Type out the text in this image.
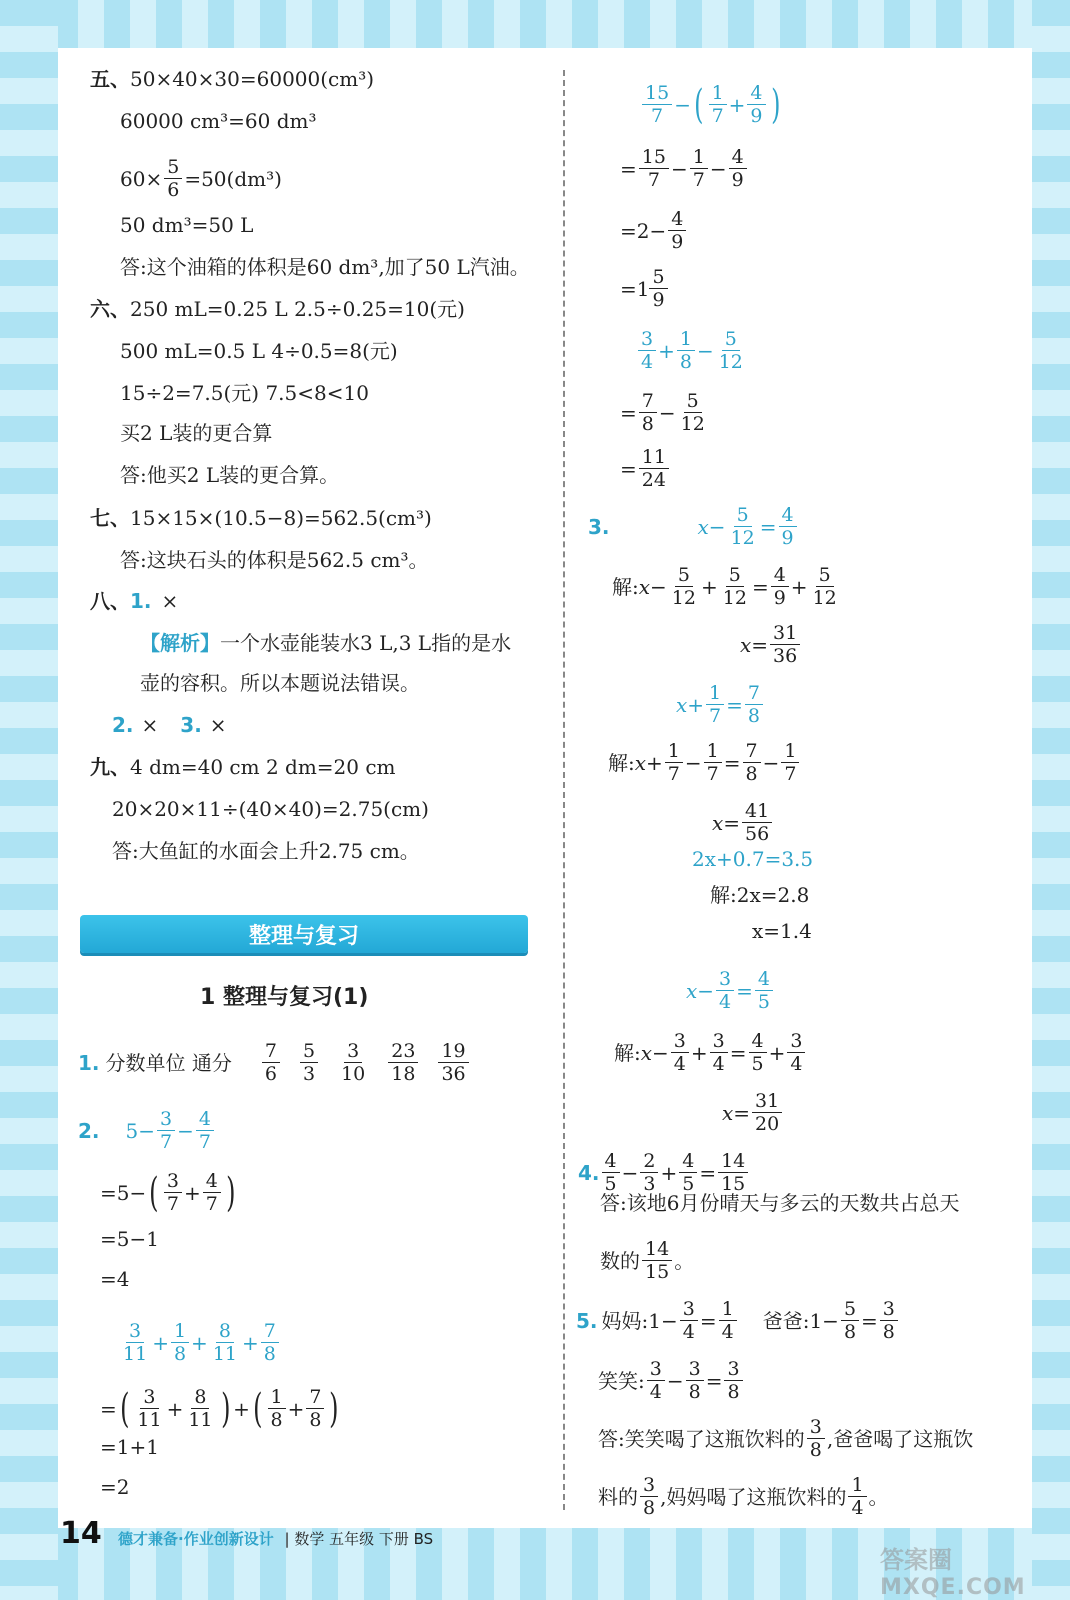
五、 50×40×30=60000(cm³)
60000 cm³=60 dm³
$60\times \frac{5}{6} =50(dm^3)$
50 dm³=50 L
答:这个油箱的体积是60 dm³,加了50 L汽油。
六、 250 mL=0.25 L 2.5÷0.25=10(元)
500 mL=0.5 L 4÷0.5=8(元)
15÷2=7.5(元) 7.5<8<10
买2 L装的更合算
答:他买2 L装的更合算。
七、 15×15×(10.5−8)=562.5(cm³)
答:这块石头的体积是562.5 cm³。
八、 1. ×
【解析】 一个水壶能装水3 L,3 L指的是水
壶的容积。所以本题说法错误。
2. × 3. ×
九、 4 dm=40 cm 2 dm=20 cm
20×20×11÷(40×40)=2.75(cm)
答:大鱼缸的水面会上升2.75 cm。
整理与复习
1 整理与复习(1)
1. 分数单位 通分 $\frac{7}{6} \frac{5}{3} \frac{3}{10} \frac{23}{18} \frac{19}{36}$
2. $5- \frac{3}{7} - \frac{4}{7}$
=5− ( $\frac{3}{7} + \frac{4}{7}$ )
=5−1
=4
$\frac{3}{11} + \frac{1}{8} + \frac{8}{11} + \frac{7}{8}$
= ( $\frac{3}{11} + \frac{8}{11}$ ) + ( $\frac{1}{8} + \frac{7}{8}$ )
=1+1
=2
$\frac{15}{7}$ − ( $\frac{1}{7} + \frac{4}{9}$ )
= $\frac{15}{7} - \frac{1}{7} - \frac{4}{9}$
$=2- \frac{4}{9}$
$=1 \frac{5}{9}$
$\frac{3}{4} + \frac{1}{8} - \frac{5}{12}$
= $\frac{7}{8} - \frac{5}{12}$
= $\frac{11}{24}$
3.	$x- \frac{5}{12} = \frac{4}{9}$
解: $x - \frac{5}{12} + \frac{5}{12} = \frac{4}{9} + \frac{5}{12}$
$x = \frac{31}{36}$
$x + \frac{1}{7} = \frac{7}{8}$
解: $x + \frac{1}{7} - \frac{1}{7} = \frac{7}{8} - \frac{1}{7}$
$x = \frac{41}{56}$
2x+0.7=3.5
解:2x=2.8
x=1.4
$x - \frac{3}{4} = \frac{4}{5}$
解: $x - \frac{3}{4} + \frac{3}{4} = \frac{4}{5} + \frac{3}{4}$
$x = \frac{31}{20}$
4. $\frac{4}{5} - \frac{2}{3} + \frac{4}{5} = \frac{14}{15}$
答:该地6月份晴天与多云的天数共占总天
数的 $\frac{14}{15}$ 。
5. 妈妈:1− $\frac{3}{4} = \frac{1}{4}$ 爸爸:1− $\frac{5}{8} = \frac{3}{8}$
笑笑: $\frac{3}{4} - \frac{3}{8} = \frac{3}{8}$
答:笑笑喝了这瓶饮料的 $\frac{3}{8}$ ,爸爸喝了这瓶饮
料的 $\frac{3}{8}$ ,妈妈喝了这瓶饮料的 $\frac{1}{4}$ 。
14 德才兼备·作业创新设计 | 数学 五年级 下册 BS
答案圈
MXQE.COM
